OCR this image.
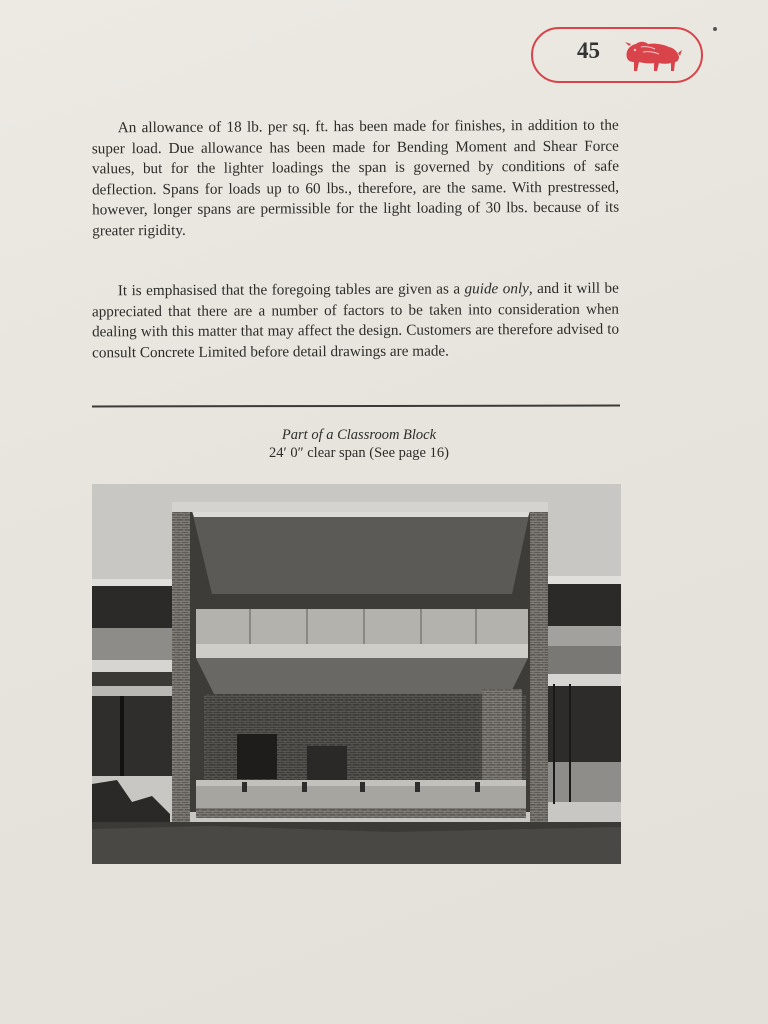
45

An allowance of 18 lb. per sq. ft. has been made for finishes, in addition to the super load. Due allowance has been made for Bending Moment and Shear Force values, but for the lighter loadings the span is governed by conditions of safe deflection. Spans for loads up to 60 lbs., therefore, are the same. With prestressed, however, longer spans are permissible for the light loading of 30 lbs. because of its greater rigidity.

It is emphasised that the foregoing tables are given as a guide only, and it will be appreciated that there are a number of factors to be taken into consideration when dealing with this matter that may affect the design. Customers are therefore advised to consult Concrete Limited before detail drawings are made.

Part of a Classroom Block
24′ 0″ clear span (See page 16)
